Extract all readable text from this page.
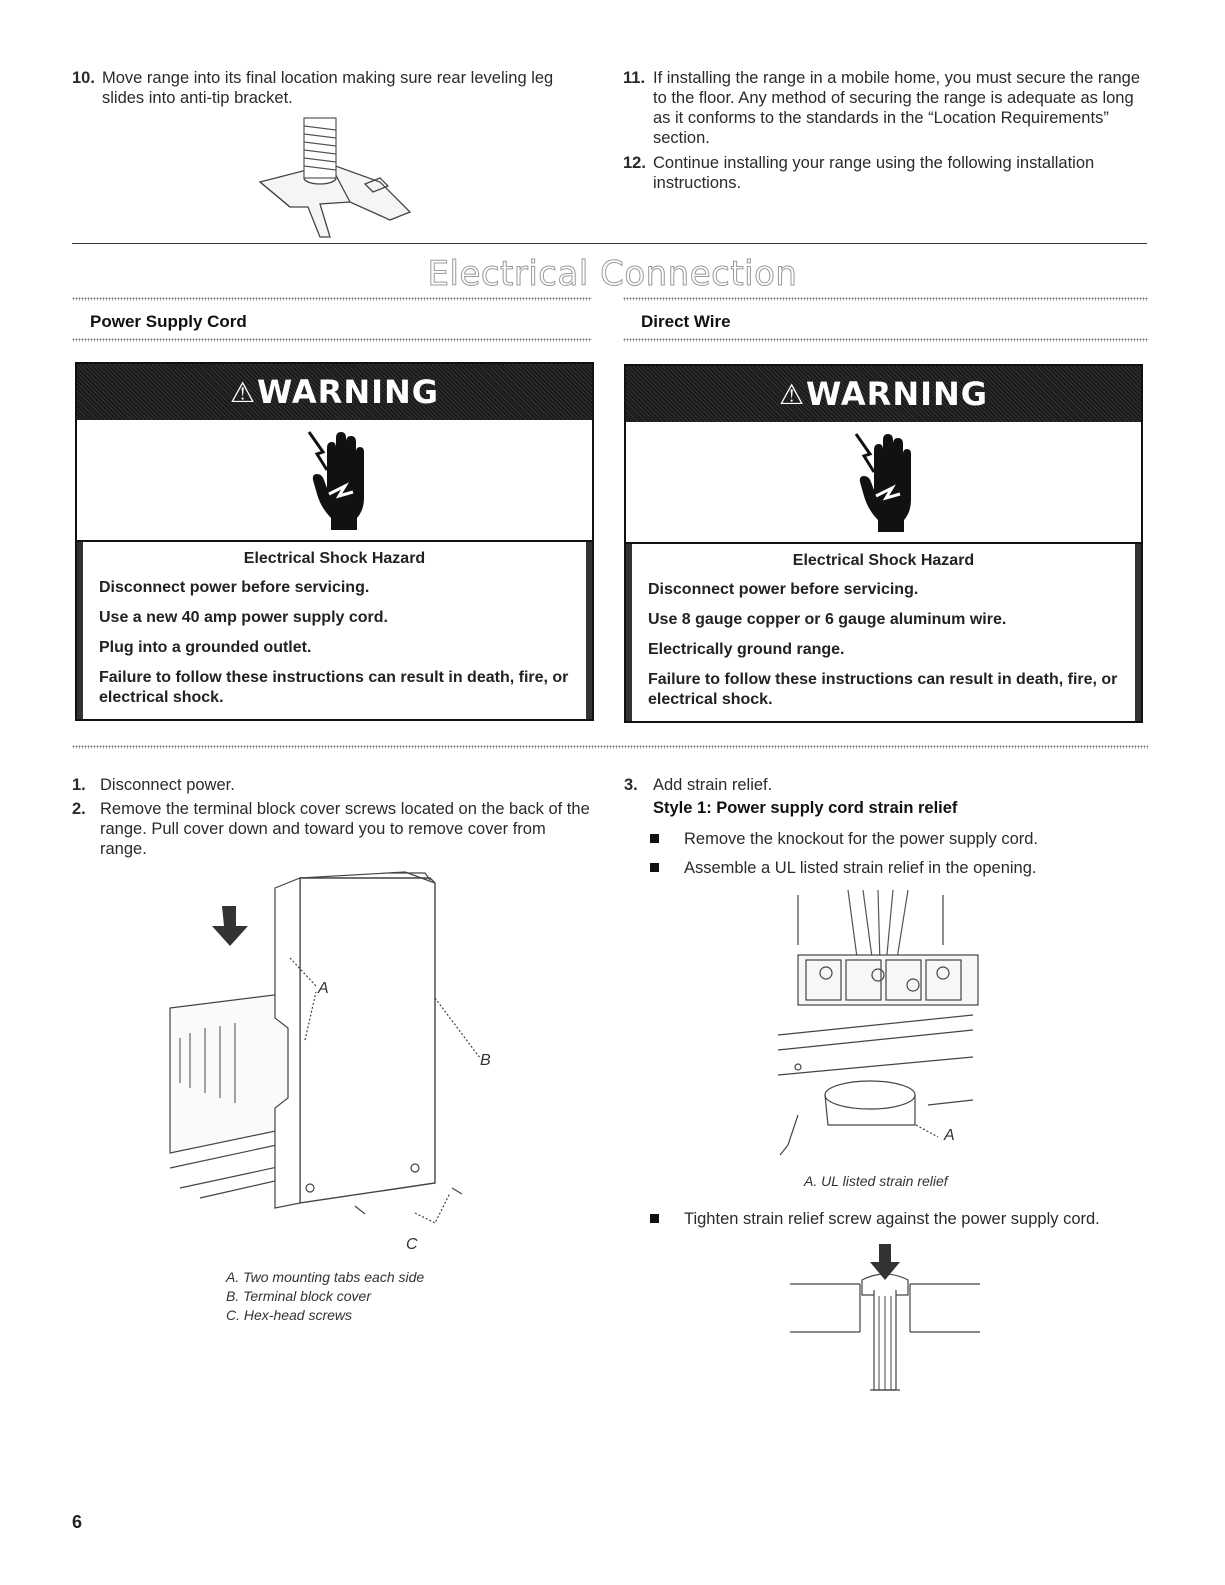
10. Move range into its final location making sure rear leveling leg slides into anti-tip bracket.
11. If installing the range in a mobile home, you must secure the range to the floor. Any method of securing the range is adequate as long as it conforms to the standards in the “Location Requirements” section.
12. Continue installing your range using the following installation instructions.
Electrical Connection
Power Supply Cord	Direct Wire
⚠ WARNING
Electrical Shock Hazard
Disconnect power before servicing.
Use a new 40 amp power supply cord.
Plug into a grounded outlet.
Failure to follow these instructions can result in death, fire, or electrical shock.
⚠ WARNING
Electrical Shock Hazard
Disconnect power before servicing.
Use 8 gauge copper or 6 gauge aluminum wire.
Electrically ground range.
Failure to follow these instructions can result in death, fire, or electrical shock.
1. Disconnect power.
2. Remove the terminal block cover screws located on the back of the range. Pull cover down and toward you to remove cover from range.
A
B
C
A. Two mounting tabs each side
B. Terminal block cover
C. Hex-head screws
3. Add strain relief.
Style 1: Power supply cord strain relief
Remove the knockout for the power supply cord.
Assemble a UL listed strain relief in the opening.
A
A. UL listed strain relief
Tighten strain relief screw against the power supply cord.
6
